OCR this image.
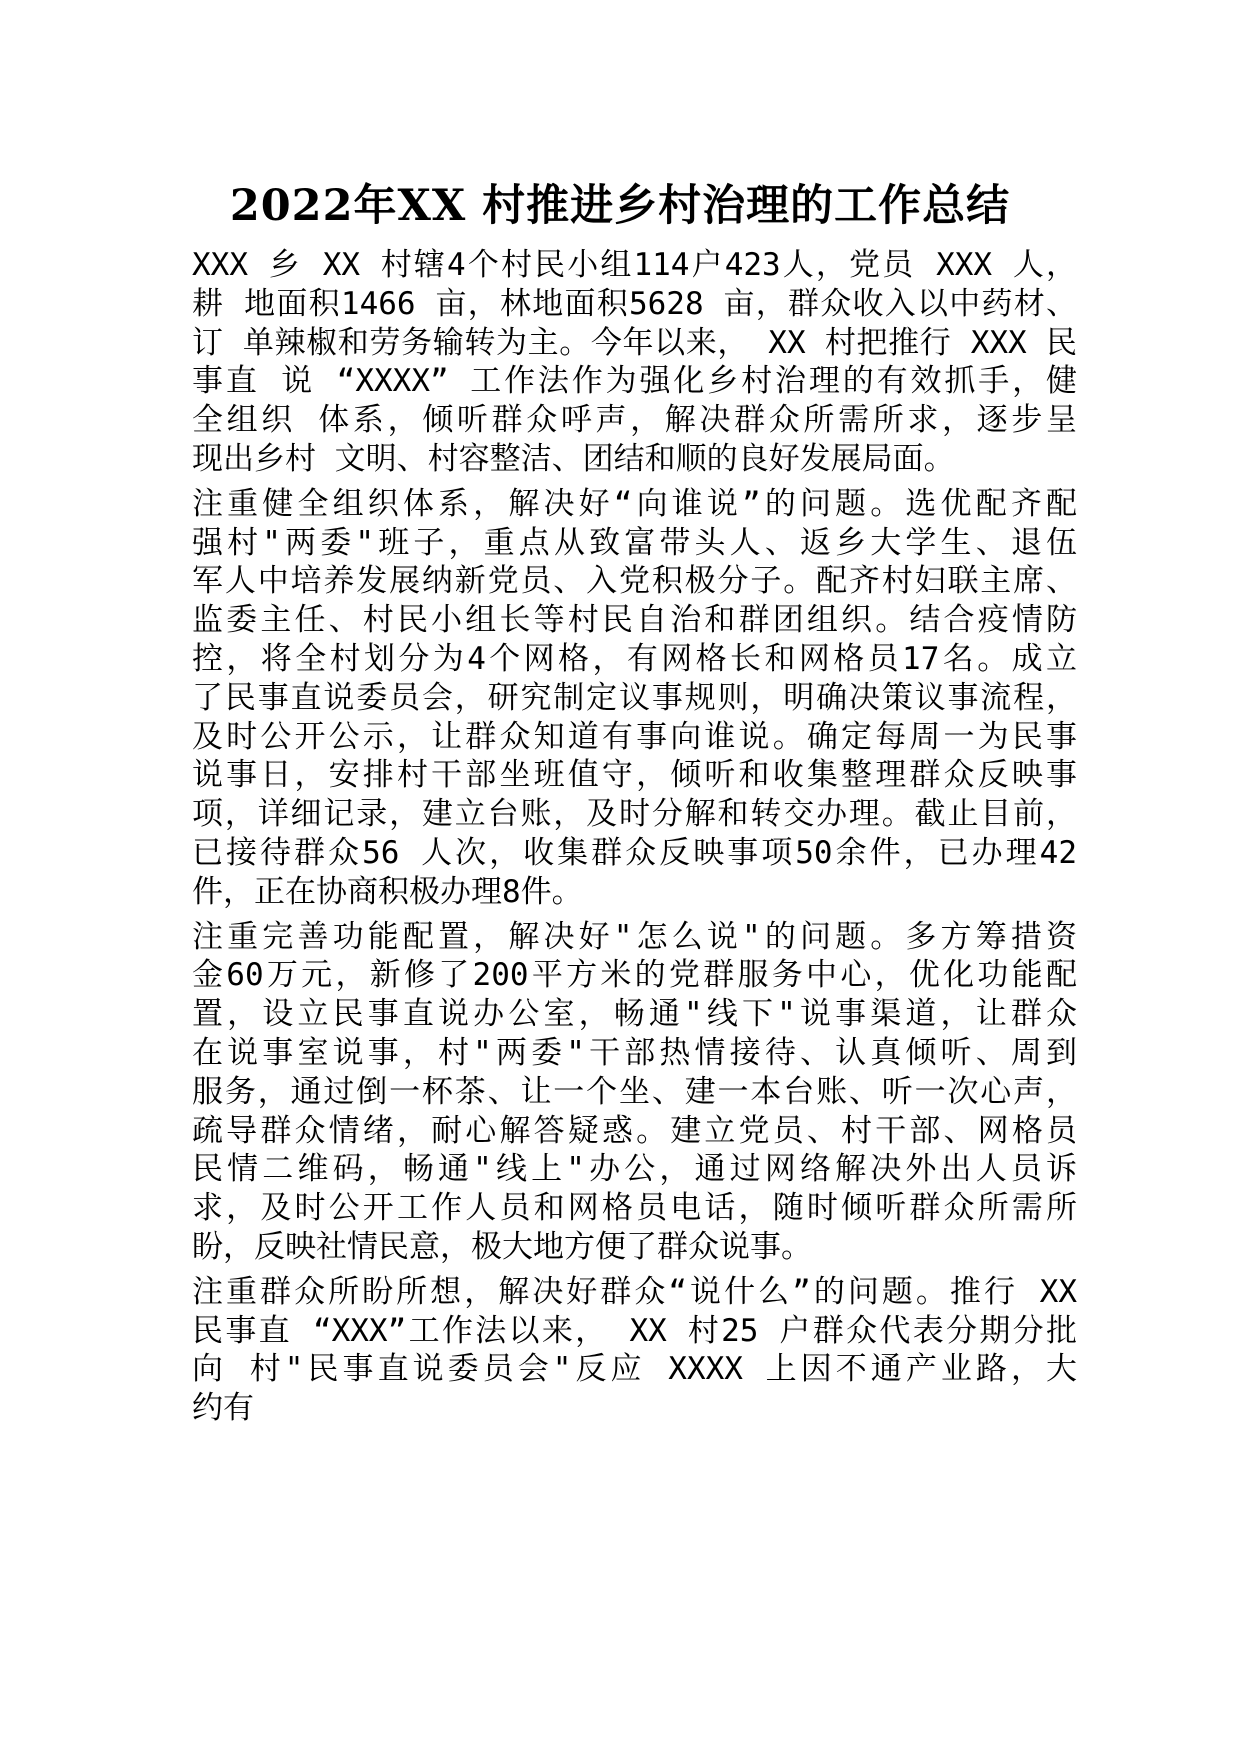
2022年XX 村推进乡村治理的工作总结
XXX 乡 XX 村辖4个村民小组114户423人，党员 XXX 人，
耕 地面积1466 亩，林地面积5628 亩，群众收入以中药材、
订 单辣椒和劳务输转为主。今年以来， XX 村把推行 XXX 民
事直 说 “XXXX” 工作法作为强化乡村治理的有效抓手，健
全组织 体系，倾听群众呼声，解决群众所需所求，逐步呈
现出乡村 文明、村容整洁、团结和顺的良好发展局面。
注重健全组织体系，解决好“向谁说”的问题。选优配齐配
强村"两委"班子，重点从致富带头人、返乡大学生、退伍
军人中培养发展纳新党员、入党积极分子。配齐村妇联主席、
监委主任、村民小组长等村民自治和群团组织。结合疫情防
控，将全村划分为4个网格，有网格长和网格员17名。成立
了民事直说委员会，研究制定议事规则，明确决策议事流程，
及时公开公示，让群众知道有事向谁说。确定每周一为民事
说事日，安排村干部坐班值守，倾听和收集整理群众反映事
项，详细记录，建立台账，及时分解和转交办理。截止目前，
已接待群众56 人次，收集群众反映事项50余件，已办理42
件，正在协商积极办理8件。
注重完善功能配置，解决好"怎么说"的问题。多方筹措资
金60万元，新修了200平方米的党群服务中心，优化功能配
置，设立民事直说办公室，畅通"线下"说事渠道，让群众
在说事室说事，村"两委"干部热情接待、认真倾听、周到
服务，通过倒一杯茶、让一个坐、建一本台账、听一次心声，
疏导群众情绪，耐心解答疑惑。建立党员、村干部、网格员
民情二维码，畅通"线上"办公，通过网络解决外出人员诉
求，及时公开工作人员和网格员电话，随时倾听群众所需所
盼，反映社情民意，极大地方便了群众说事。
注重群众所盼所想，解决好群众“说什么”的问题。推行 XX
民事直 “XXX”工作法以来， XX 村25 户群众代表分期分批
向 村"民事直说委员会"反应 XXXX 上因不通产业路，大
约有
